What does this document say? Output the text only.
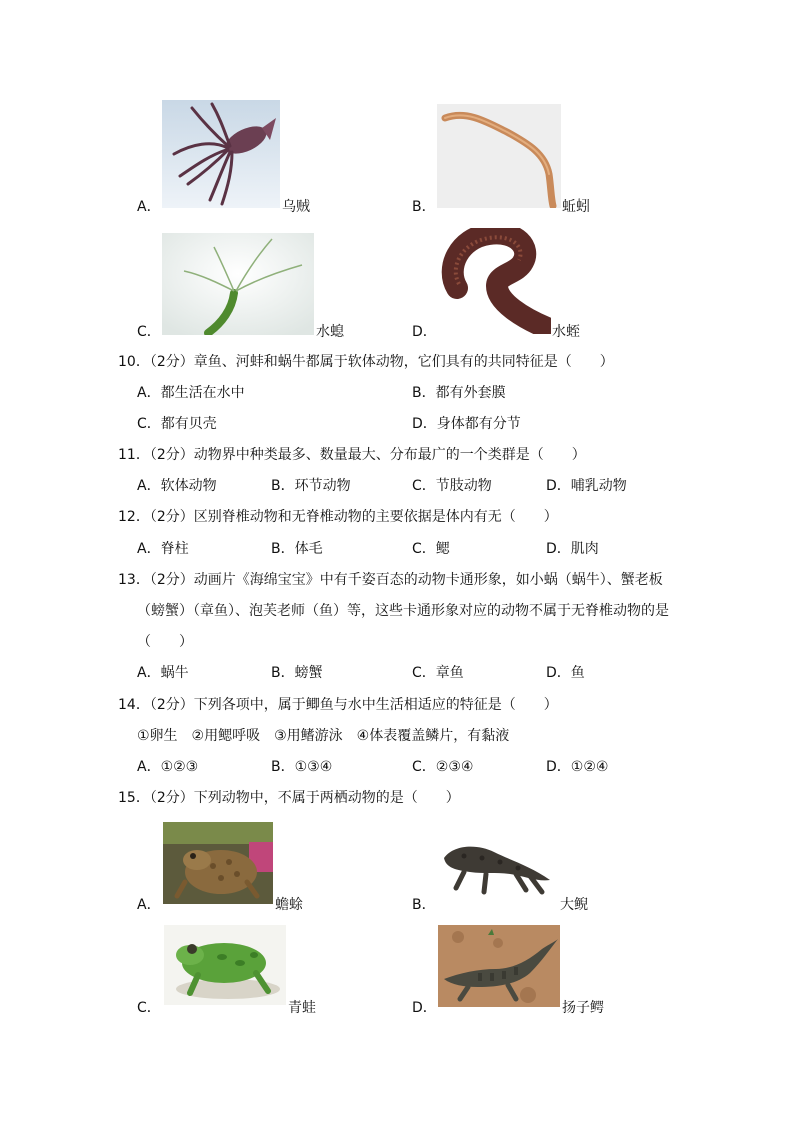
A．	乌贼	B．	蚯蚓
C．	水螅	D．	水蛭
10．（2分）章鱼、河蚌和蜗牛都属于软体动物，它们具有的共同特征是（　　）
A．都生活在水中	B．都有外套膜
C．都有贝壳	D．身体都有分节
11．（2分）动物界中种类最多、数量最大、分布最广的一个类群是（　　）
A．软体动物	B．环节动物	C．节肢动物	D．哺乳动物
12．（2分）区别脊椎动物和无脊椎动物的主要依据是体内有无（　　）
A．脊柱	B．体毛	C．鳃	D．肌肉
13．（2分）动画片《海绵宝宝》中有千姿百态的动物卡通形象，如小蜗（蜗牛）、蟹老板
（螃蟹）（章鱼）、泡芙老师（鱼）等，这些卡通形象对应的动物不属于无脊椎动物的是
（　　）
A．蜗牛	B．螃蟹	C．章鱼	D．鱼
14．（2分）下列各项中，属于鲫鱼与水中生活相适应的特征是（　　）
①卵生　②用鳃呼吸　③用鳍游泳　④体表覆盖鳞片，有黏液
A．①②③	B．①③④	C．②③④	D．①②④
15．（2分）下列动物中，不属于两栖动物的是（　　）
A．	蟾蜍	B．	大鲵
C．	青蛙	D．	扬子鳄
